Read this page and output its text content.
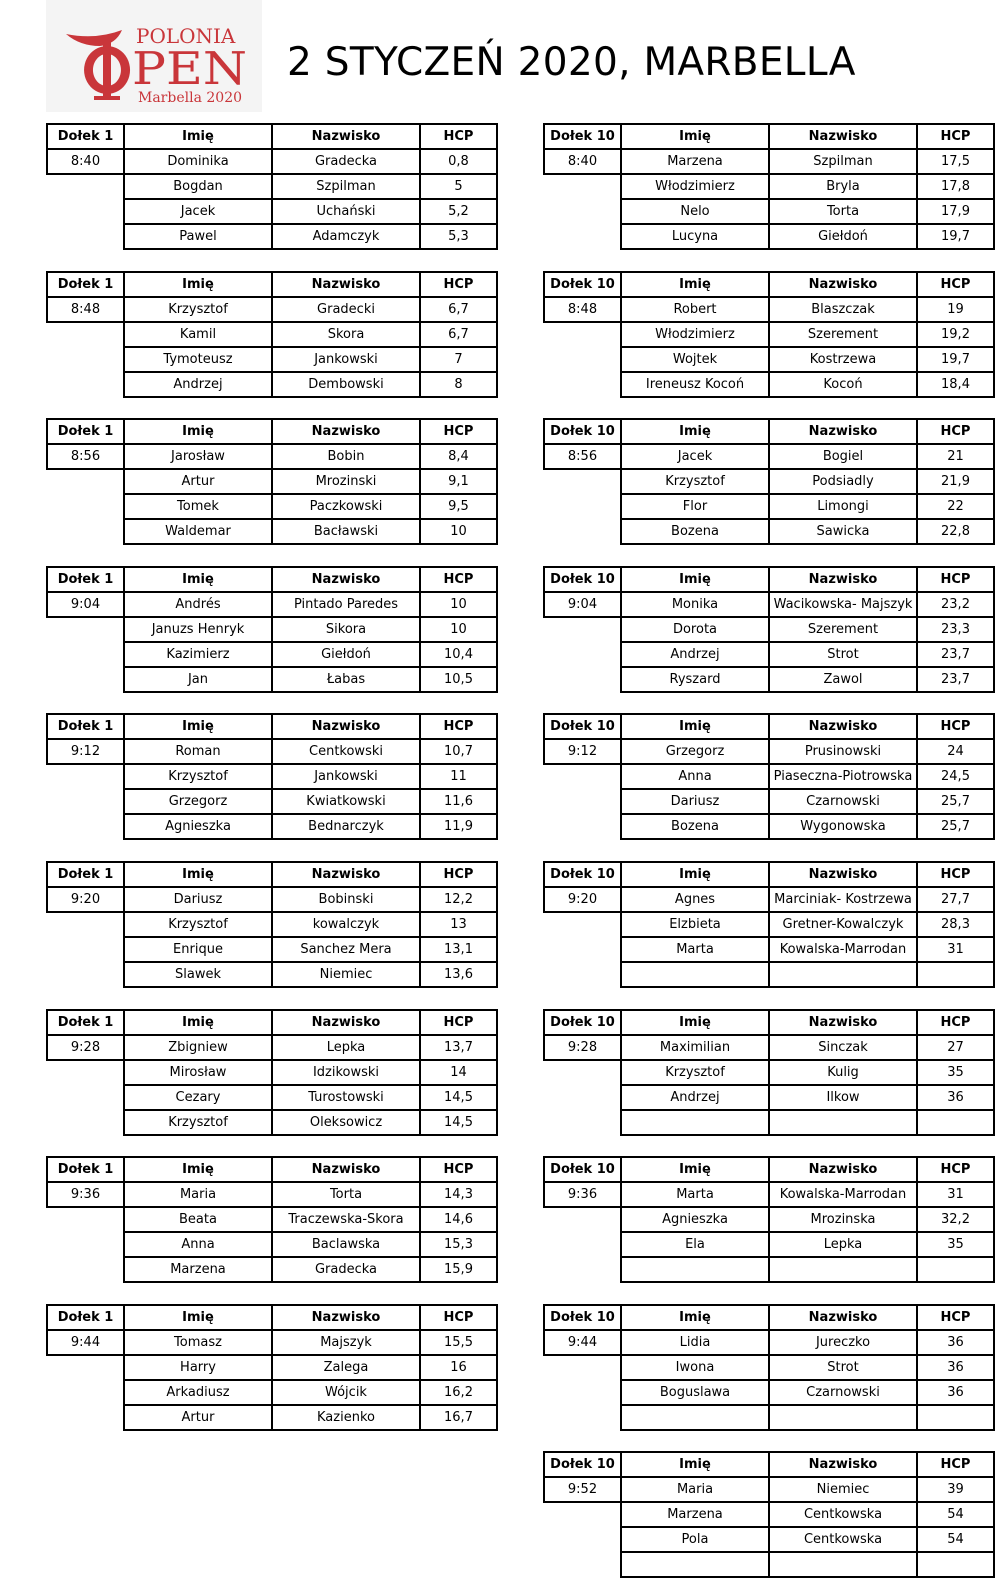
POLONIA
PEN
Marbella 2020
2 STYCZEŃ 2020, MARBELLA
Dołek 1	Imię	Nazwisko	HCP
8:40	Dominika	Gradecka	0,8
	Bogdan	Szpilman	5
	Jacek	Uchański	5,2
	Pawel	Adamczyk	5,3
Dołek 1	Imię	Nazwisko	HCP
8:48	Krzysztof	Gradecki	6,7
	Kamil	Skora	6,7
	Tymoteusz	Jankowski	7
	Andrzej	Dembowski	8
Dołek 1	Imię	Nazwisko	HCP
8:56	Jarosław	Bobin	8,4
	Artur	Mrozinski	9,1
	Tomek	Paczkowski	9,5
	Waldemar	Bacławski	10
Dołek 1	Imię	Nazwisko	HCP
9:04	Andrés	Pintado Paredes	10
	Januzs Henryk	Sikora	10
	Kazimierz	Giełdoń	10,4
	Jan	Łabas	10,5
Dołek 1	Imię	Nazwisko	HCP
9:12	Roman	Centkowski	10,7
	Krzysztof	Jankowski	11
	Grzegorz	Kwiatkowski	11,6
	Agnieszka	Bednarczyk	11,9
Dołek 1	Imię	Nazwisko	HCP
9:20	Dariusz	Bobinski	12,2
	Krzysztof	kowalczyk	13
	Enrique	Sanchez Mera	13,1
	Slawek	Niemiec	13,6
Dołek 1	Imię	Nazwisko	HCP
9:28	Zbigniew	Lepka	13,7
	Mirosław	Idzikowski	14
	Cezary	Turostowski	14,5
	Krzysztof	Oleksowicz	14,5
Dołek 1	Imię	Nazwisko	HCP
9:36	Maria	Torta	14,3
	Beata	Traczewska-Skora	14,6
	Anna	Baclawska	15,3
	Marzena	Gradecka	15,9
Dołek 1	Imię	Nazwisko	HCP
9:44	Tomasz	Majszyk	15,5
	Harry	Zalega	16
	Arkadiusz	Wójcik	16,2
	Artur	Kazienko	16,7
Dołek 10	Imię	Nazwisko	HCP
8:40	Marzena	Szpilman	17,5
	Włodzimierz	Bryla	17,8
	Nelo	Torta	17,9
	Lucyna	Giełdoń	19,7
Dołek 10	Imię	Nazwisko	HCP
8:48	Robert	Blaszczak	19
	Włodzimierz	Szerement	19,2
	Wojtek	Kostrzewa	19,7
	Ireneusz Kocoń	Kocoń	18,4
Dołek 10	Imię	Nazwisko	HCP
8:56	Jacek	Bogiel	21
	Krzysztof	Podsiadly	21,9
	Flor	Limongi	22
	Bozena	Sawicka	22,8
Dołek 10	Imię	Nazwisko	HCP
9:04	Monika	Wacikowska- Majszyk	23,2
	Dorota	Szerement	23,3
	Andrzej	Strot	23,7
	Ryszard	Zawol	23,7
Dołek 10	Imię	Nazwisko	HCP
9:12	Grzegorz	Prusinowski	24
	Anna	Piaseczna-Piotrowska	24,5
	Dariusz	Czarnowski	25,7
	Bozena	Wygonowska	25,7
Dołek 10	Imię	Nazwisko	HCP
9:20	Agnes	Marciniak- Kostrzewa	27,7
	Elzbieta	Gretner-Kowalczyk	28,3
	Marta	Kowalska-Marrodan	31

Dołek 10	Imię	Nazwisko	HCP
9:28	Maximilian	Sinczak	27
	Krzysztof	Kulig	35
	Andrzej	Ilkow	36

Dołek 10	Imię	Nazwisko	HCP
9:36	Marta	Kowalska-Marrodan	31
	Agnieszka	Mrozinska	32,2
	Ela	Lepka	35

Dołek 10	Imię	Nazwisko	HCP
9:44	Lidia	Jureczko	36
	Iwona	Strot	36
	Boguslawa	Czarnowski	36

Dołek 10	Imię	Nazwisko	HCP
9:52	Maria	Niemiec	39
	Marzena	Centkowska	54
	Pola	Centkowska	54
